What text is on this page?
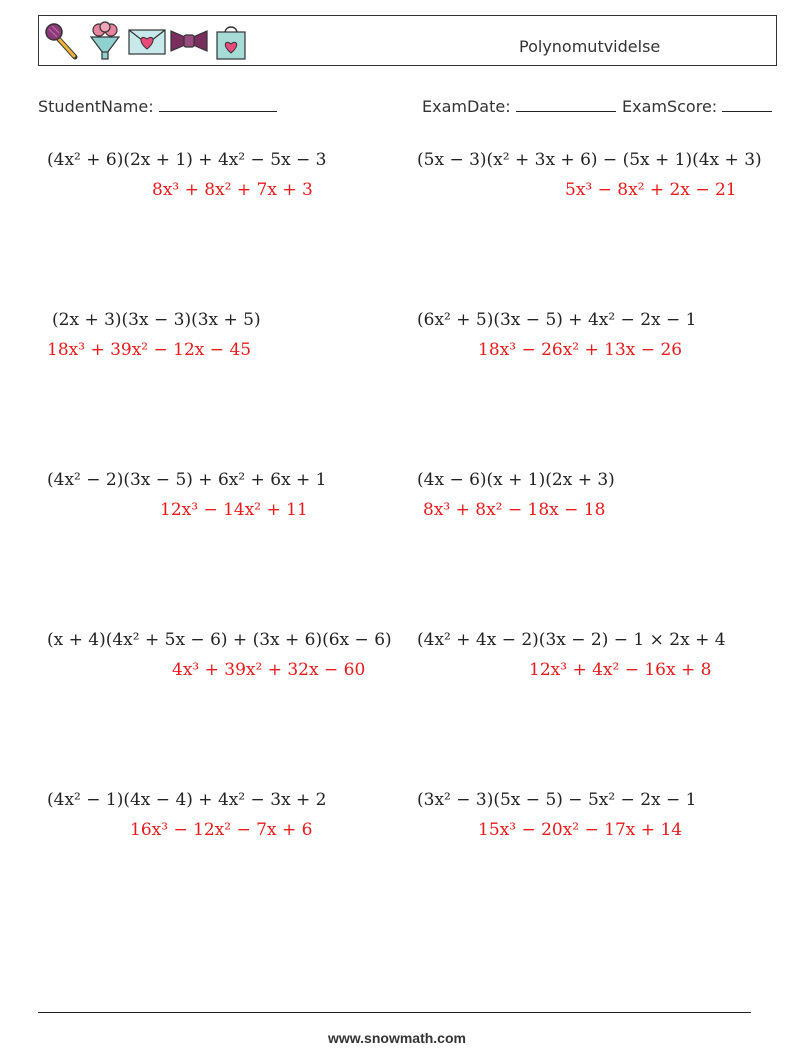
Polynomutvidelse
StudentName:	ExamDate:	ExamScore:
(4x² + 6)(2x + 1) + 4x² − 5x − 3
8x³ + 8x² + 7x + 3
(5x − 3)(x² + 3x + 6) − (5x + 1)(4x + 3)
5x³ − 8x² + 2x − 21
(2x + 3)(3x − 3)(3x + 5)
18x³ + 39x² − 12x − 45
(6x² + 5)(3x − 5) + 4x² − 2x − 1
18x³ − 26x² + 13x − 26
(4x² − 2)(3x − 5) + 6x² + 6x + 1
12x³ − 14x² + 11
(4x − 6)(x + 1)(2x + 3)
8x³ + 8x² − 18x − 18
(x + 4)(4x² + 5x − 6) + (3x + 6)(6x − 6)
4x³ + 39x² + 32x − 60
(4x² + 4x − 2)(3x − 2) − 1 × 2x + 4
12x³ + 4x² − 16x + 8
(4x² − 1)(4x − 4) + 4x² − 3x + 2
16x³ − 12x² − 7x + 6
(3x² − 3)(5x − 5) − 5x² − 2x − 1
15x³ − 20x² − 17x + 14
www.snowmath.com
